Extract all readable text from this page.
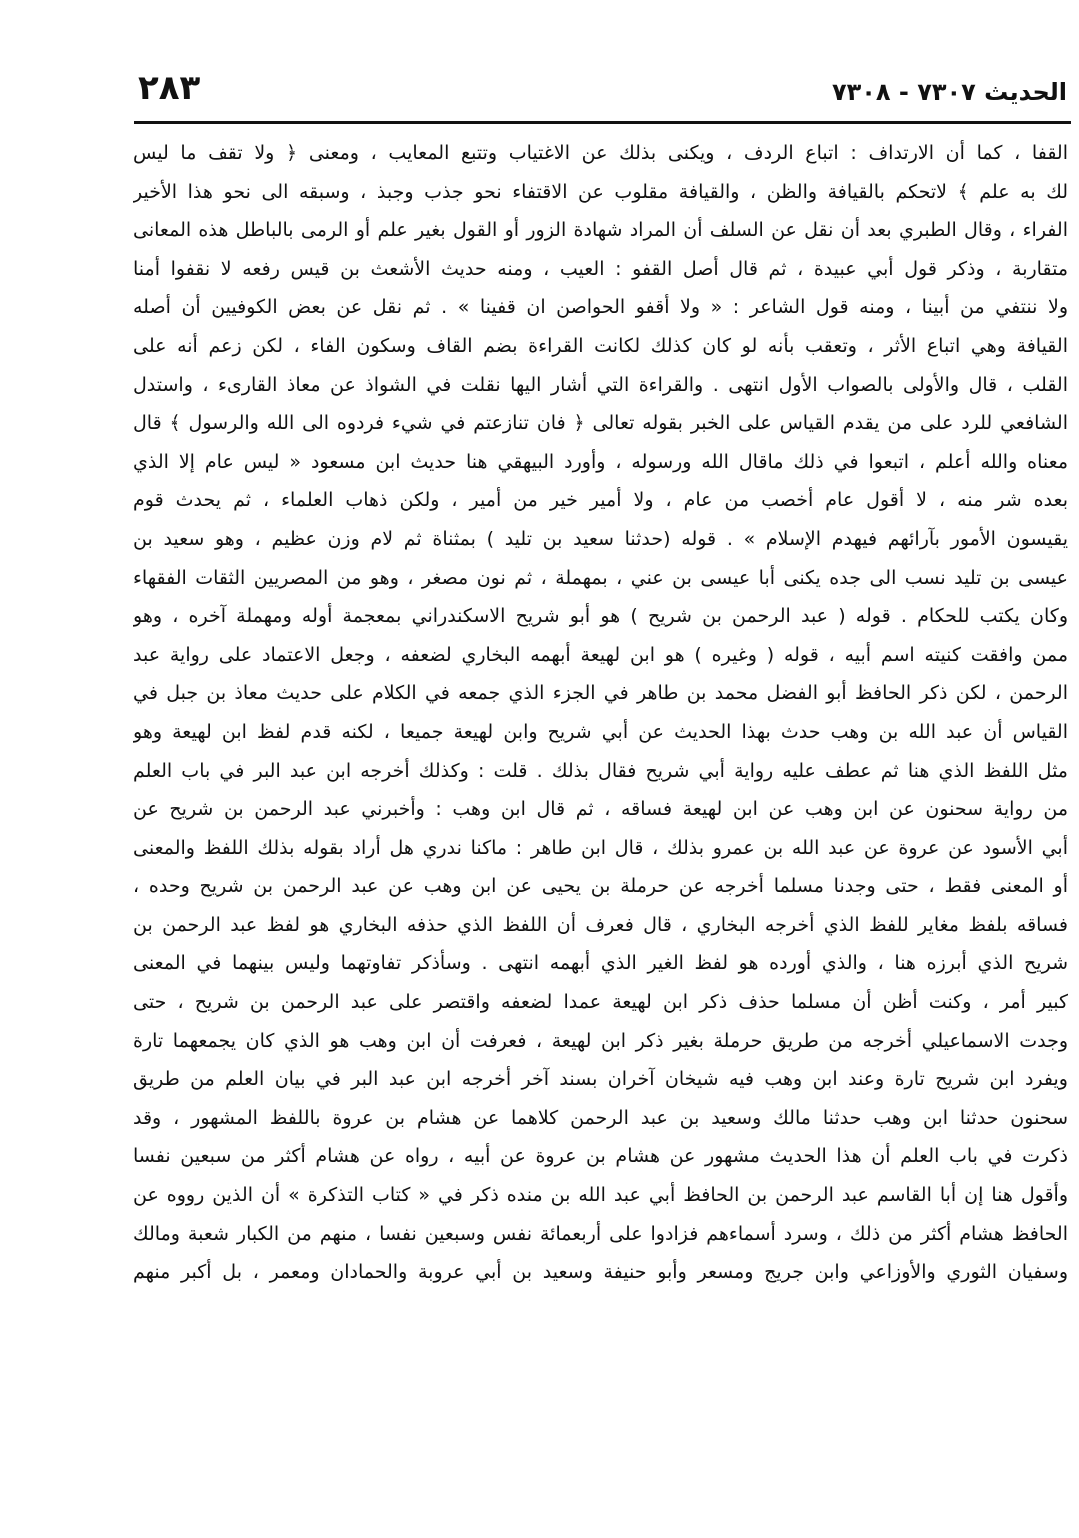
الحديث ٧٣٠٧ - ٧٣٠٨
٢٨٣
القفا ، كما أن الارتداف : اتباع الردف ، ويكنى بذلك عن الاغتياب وتتبع المعايب ، ومعنى ﴿ ولا تقف ما ليس
لك به علم ﴾ لاتحكم بالقيافة والظن ، والقيافة مقلوب عن الاقتفاء نحو جذب وجبذ ، وسبقه الى نحو هذا الأخير
الفراء ، وقال الطبري بعد أن نقل عن السلف أن المراد شهادة الزور أو القول بغير علم أو الرمى بالباطل هذه المعانى
متقاربة ، وذكر قول أبي عبيدة ، ثم قال أصل القفو : العيب ، ومنه حديث الأشعث بن قيس رفعه لا نقفوا أمنا
ولا ننتفي من أبينا ، ومنه قول الشاعر : « ولا أقفو الحواصن ان قفينا » . ثم نقل عن بعض الكوفيين أن أصله
القيافة وهي اتباع الأثر ، وتعقب بأنه لو كان كذلك لكانت القراءة بضم القاف وسكون الفاء ، لكن زعم أنه على
القلب ، قال والأولى بالصواب الأول انتهى . والقراءة التي أشار اليها نقلت في الشواذ عن معاذ القارىء ، واستدل
الشافعي للرد على من يقدم القياس على الخبر بقوله تعالى ﴿ فان تنازعتم في شيء فردوه الى الله والرسول ﴾ قال
معناه والله أعلم ، اتبعوا في ذلك ماقال الله ورسوله ، وأورد البيهقي هنا حديث ابن مسعود « ليس عام إلا الذي
بعده شر منه ، لا أقول عام أخصب من عام ، ولا أمير خير من أمير ، ولكن ذهاب العلماء ، ثم يحدث قوم
يقيسون الأمور بآرائهم فيهدم الإسلام » . قوله (حدثنا سعيد بن تليد ) بمثناة ثم لام وزن عظيم ، وهو سعيد بن
عيسى بن تليد نسب الى جده يكنى أبا عيسى بن عني ، بمهملة ، ثم نون مصغر ، وهو من المصريين الثقات الفقهاء
وكان يكتب للحكام . قوله ( عبد الرحمن بن شريح ) هو أبو شريح الاسكندراني بمعجمة أوله ومهملة آخره ، وهو
ممن وافقت كنيته اسم أبيه ، قوله ( وغيره ) هو ابن لهيعة أبهمه البخاري لضعفه ، وجعل الاعتماد على رواية عبد
الرحمن ، لكن ذكر الحافظ أبو الفضل محمد بن طاهر في الجزء الذي جمعه في الكلام على حديث معاذ بن جبل في
القياس أن عبد الله بن وهب حدث بهذا الحديث عن أبي شريح وابن لهيعة جميعا ، لكنه قدم لفظ ابن لهيعة وهو
مثل اللفظ الذي هنا ثم عطف عليه رواية أبي شريح فقال بذلك . قلت : وكذلك أخرجه ابن عبد البر في باب العلم
من رواية سحنون عن ابن وهب عن ابن لهيعة فساقه ، ثم قال ابن وهب : وأخبرني عبد الرحمن بن شريح عن
أبي الأسود عن عروة عن عبد الله بن عمرو بذلك ، قال ابن طاهر : ماكنا ندري هل أراد بقوله بذلك اللفظ والمعنى
أو المعنى فقط ، حتى وجدنا مسلما أخرجه عن حرملة بن يحيى عن ابن وهب عن عبد الرحمن بن شريح وحده ،
فساقه بلفظ مغاير للفظ الذي أخرجه البخاري ، قال فعرف أن اللفظ الذي حذفه البخاري هو لفظ عبد الرحمن بن
شريح الذي أبرزه هنا ، والذي أورده هو لفظ الغير الذي أبهمه انتهى . وسأذكر تفاوتهما وليس بينهما في المعنى
كبير أمر ، وكنت أظن أن مسلما حذف ذكر ابن لهيعة عمدا لضعفه واقتصر على عبد الرحمن بن شريح ، حتى
وجدت الاسماعيلي أخرجه من طريق حرملة بغير ذكر ابن لهيعة ، فعرفت أن ابن وهب هو الذي كان يجمعهما تارة
ويفرد ابن شريح تارة وعند ابن وهب فيه شيخان آخران بسند آخر أخرجه ابن عبد البر في بيان العلم من طريق
سحنون حدثنا ابن وهب حدثنا مالك وسعيد بن عبد الرحمن كلاهما عن هشام بن عروة باللفظ المشهور ، وقد
ذكرت في باب العلم أن هذا الحديث مشهور عن هشام بن عروة عن أبيه ، رواه عن هشام أكثر من سبعين نفسا
وأقول هنا إن أبا القاسم عبد الرحمن بن الحافظ أبي عبد الله بن منده ذكر في « كتاب التذكرة » أن الذين رووه عن
الحافظ هشام أكثر من ذلك ، وسرد أسماءهم فزادوا على أربعمائة نفس وسبعين نفسا ، منهم من الكبار شعبة ومالك
وسفيان الثوري والأوزاعي وابن جريج ومسعر وأبو حنيفة وسعيد بن أبي عروبة والحمادان ومعمر ، بل أكبر منهم
